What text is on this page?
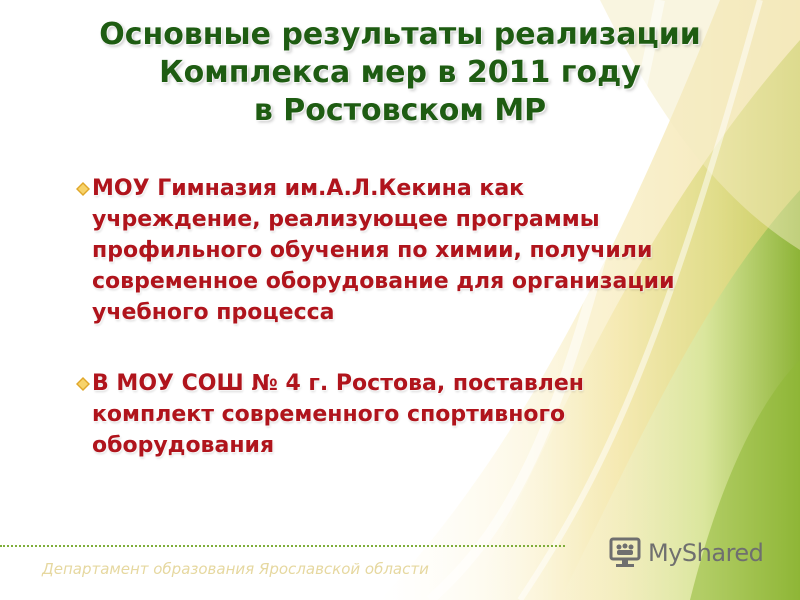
Основные результаты реализации
Комплекса мер в 2011 году
в Ростовском МР
МОУ Гимназия им.А.Л.Кекина как
учреждение, реализующее программы
профильного обучения по химии, получили
современное оборудование для организации
учебного процесса
В МОУ СОШ № 4 г. Ростова, поставлен
комплект современного спортивного
оборудования
Департамент образования Ярославской области
MyShared
